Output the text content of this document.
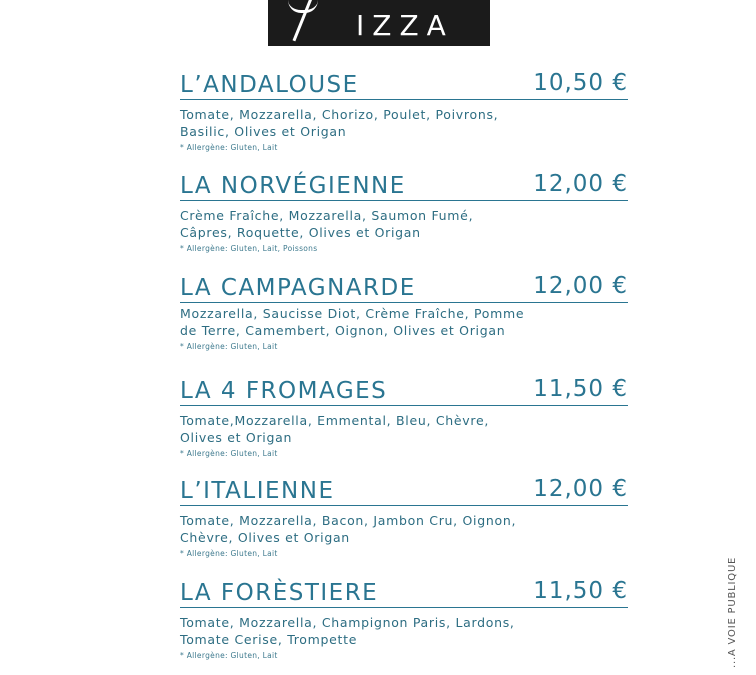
IZZA
L’ANDALOUSE	10,50 €
Tomate, Mozzarella, Chorizo, Poulet, Poivrons, Basilic, Olives et Origan
* Allergène: Gluten, Lait
LA NORVÉGIENNE	12,00 €
Crème Fraîche, Mozzarella, Saumon Fumé, Câpres, Roquette, Olives et Origan
* Allergène: Gluten, Lait, Poissons
LA CAMPAGNARDE	12,00 €
Mozzarella, Saucisse Diot, Crème Fraîche, Pomme de Terre, Camembert, Oignon, Olives et Origan
* Allergène: Gluten, Lait
LA 4 FROMAGES	11,50 €
Tomate,Mozzarella, Emmental, Bleu, Chèvre, Olives et Origan
* Allergène: Gluten, Lait
L’ITALIENNE	12,00 €
Tomate, Mozzarella, Bacon, Jambon Cru, Oignon, Chèvre, Olives et Origan
* Allergène: Gluten, Lait
LA FORÈSTIERE	11,50 €
Tomate, Mozzarella, Champignon Paris, Lardons, Tomate Cerise, Trompette
* Allergène: Gluten, Lait	...A VOIE PUBLIQUE
